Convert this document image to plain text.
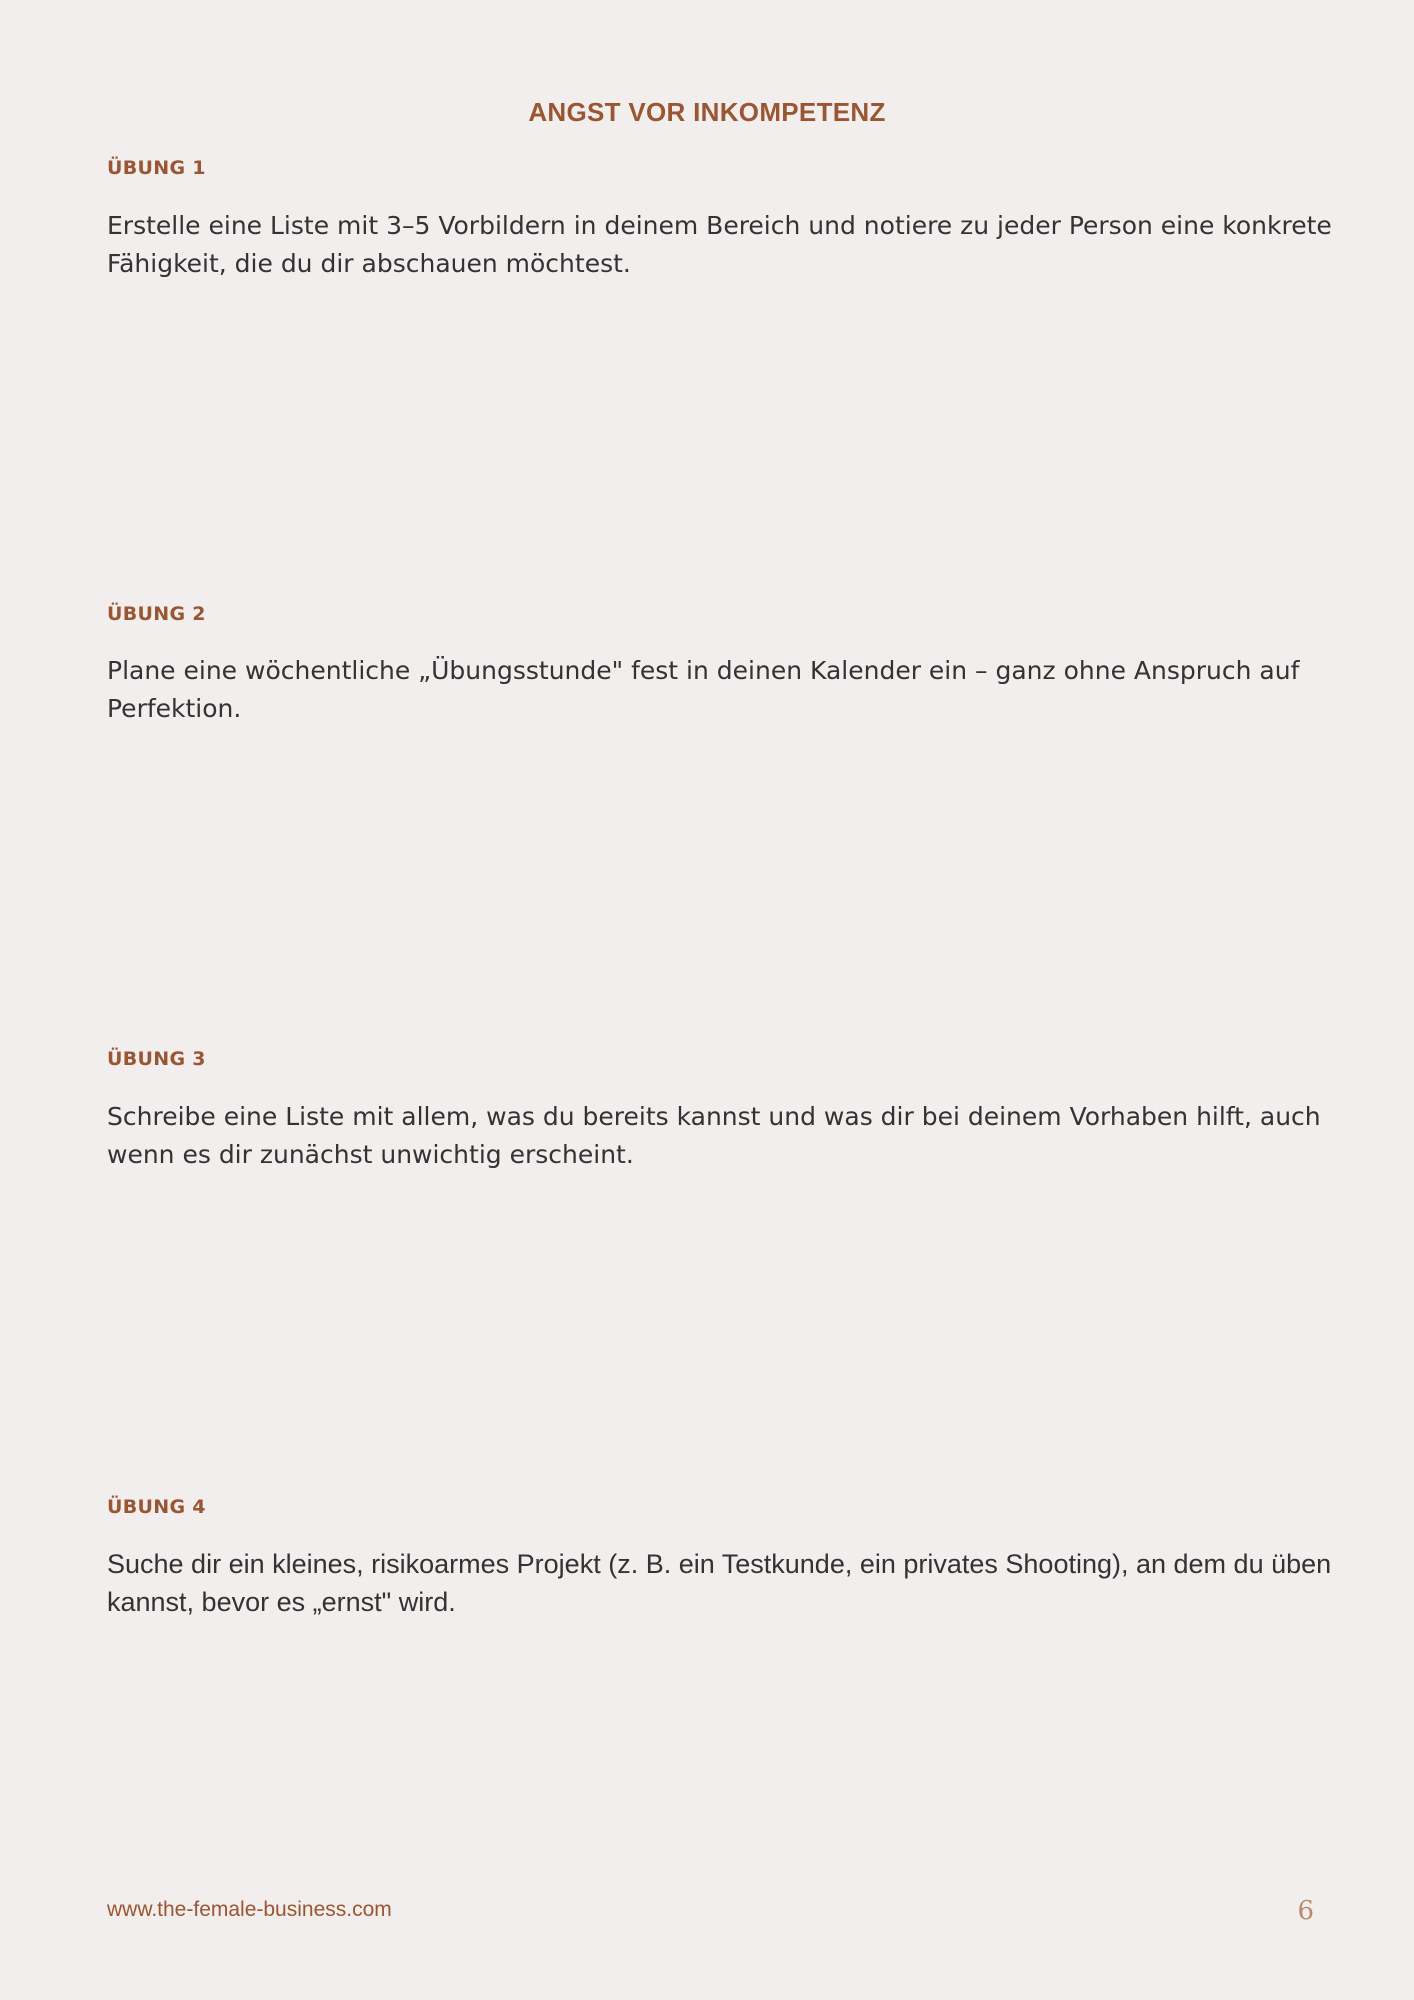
ANGST VOR INKOMPETENZ
ÜBUNG 1

Erstelle eine Liste mit 3–5 Vorbildern in deinem Bereich und notiere zu jeder Person eine konkrete Fähigkeit, die du dir abschauen möchtest.

ÜBUNG 2

Plane eine wöchentliche „Übungsstunde" fest in deinen Kalender ein – ganz ohne Anspruch auf Perfektion.

ÜBUNG 3

Schreibe eine Liste mit allem, was du bereits kannst und was dir bei deinem Vorhaben hilft, auch wenn es dir zunächst unwichtig erscheint.

ÜBUNG 4

Suche dir ein kleines, risikoarmes Projekt (z. B. ein Testkunde, ein privates Shooting), an dem du üben kannst, bevor es „ernst" wird.

www.the-female-business.com	6
